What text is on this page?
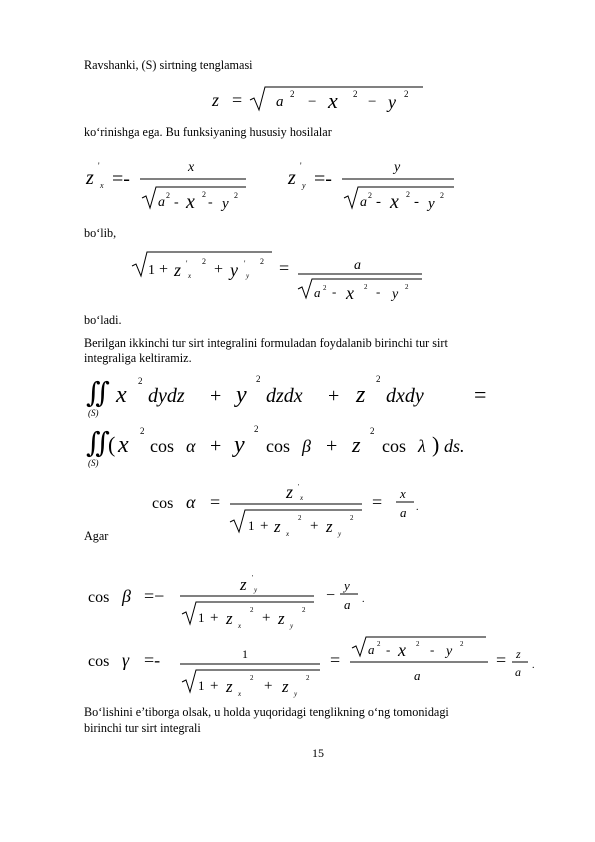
Ravshanki, (S) sirtning tenglamasi
z = a 2 − x 2 − y 2
ko‘rinishga ega. Bu funksiyaning hususiy hosilalar
z
'
x =-
x
a 2 - x 2
- y
2
z
'
y =-
y
a 2 - x 2 - y
2
bo‘lib,
1 + z '
x
2 + y '
y
2 =	a
a 2 - x 2 - y 2
bo‘ladi.
Berilgan ikkinchi tur sirt integralini formuladan foydalanib birinchi tur sirt
integraliga keltiramiz.
∬
(S)
x
2
dydz + y
2
dzdx + z
2
dxdy =
∬
(S)
( x
2
cos α + y
2
cos β + z
2
cos λ ) ds.
cos α =	z '
x
1 + z x
2 + z y
2
= x
a .
Agar
cos β =−
z '
y
1 + z x
2 + z y
2
−
y
a .
cos γ =-	1
1 + z x
2 + z y
2
=
a 2 - x 2 - y 2
a
= z
a .
Bo‘lishini e’tiborga olsak, u holda yuqoridagi tenglikning o‘ng tomonidagi
birinchi tur sirt integrali
15
